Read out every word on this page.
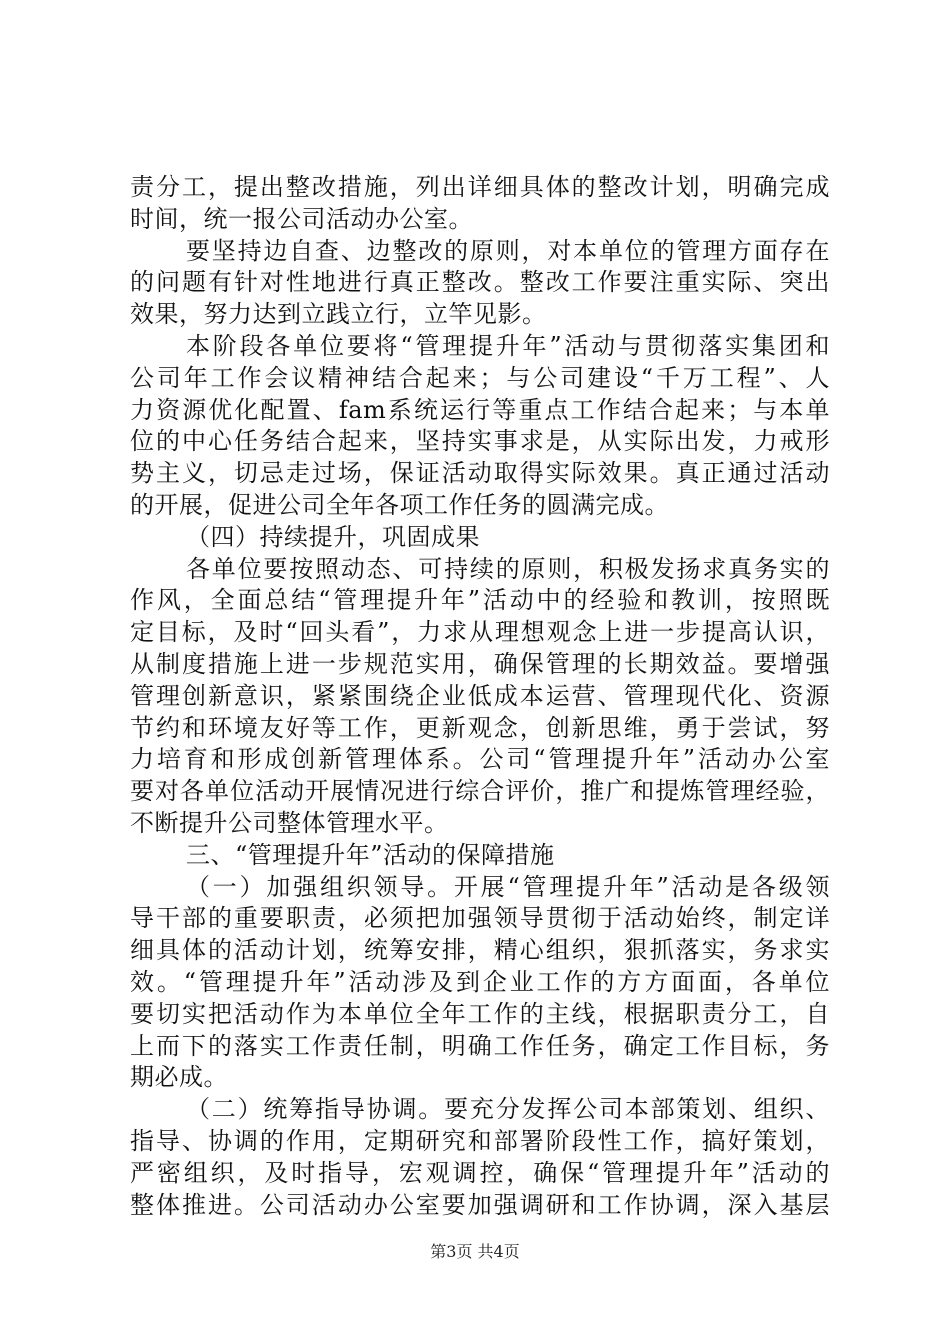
责分工，提出整改措施，列出详细具体的整改计划，明确完成
时间，统一报公司活动办公室。
要坚持边自查、边整改的原则，对本单位的管理方面存在
的问题有针对性地进行真正整改。整改工作要注重实际、突出
效果，努力达到立践立行，立竿见影。
本阶段各单位要将“管理提升年”活动与贯彻落实集团和
公司年工作会议精神结合起来；与公司建设“千万工程”、人
力资源优化配置、fam系统运行等重点工作结合起来；与本单
位的中心任务结合起来，坚持实事求是，从实际出发，力戒形
势主义，切忌走过场，保证活动取得实际效果。真正通过活动
的开展，促进公司全年各项工作任务的圆满完成。
（四）持续提升，巩固成果
各单位要按照动态、可持续的原则，积极发扬求真务实的
作风，全面总结“管理提升年”活动中的经验和教训，按照既
定目标，及时“回头看”，力求从理想观念上进一步提高认识，
从制度措施上进一步规范实用，确保管理的长期效益。要增强
管理创新意识，紧紧围绕企业低成本运营、管理现代化、资源
节约和环境友好等工作，更新观念，创新思维，勇于尝试，努
力培育和形成创新管理体系。公司“管理提升年”活动办公室
要对各单位活动开展情况进行综合评价，推广和提炼管理经验，
不断提升公司整体管理水平。
三、“管理提升年”活动的保障措施
（一）加强组织领导。开展“管理提升年”活动是各级领
导干部的重要职责，必须把加强领导贯彻于活动始终，制定详
细具体的活动计划，统筹安排，精心组织，狠抓落实，务求实
效。“管理提升年”活动涉及到企业工作的方方面面，各单位
要切实把活动作为本单位全年工作的主线，根据职责分工，自
上而下的落实工作责任制，明确工作任务，确定工作目标，务
期必成。
（二）统筹指导协调。要充分发挥公司本部策划、组织、
指导、协调的作用，定期研究和部署阶段性工作，搞好策划，
严密组织，及时指导，宏观调控，确保“管理提升年”活动的
整体推进。公司活动办公室要加强调研和工作协调，深入基层
第3页 共4页
